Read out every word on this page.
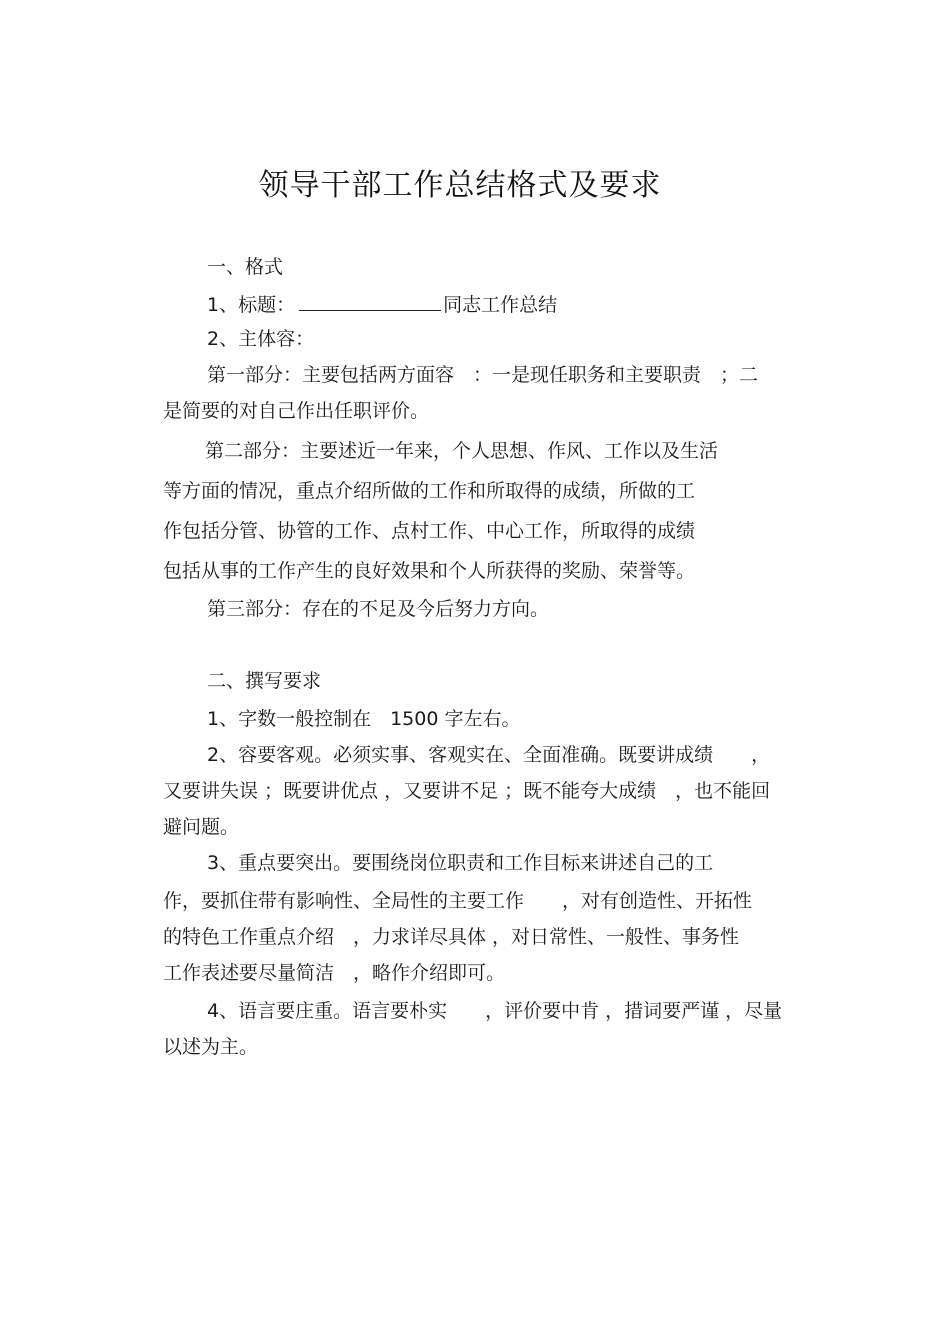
领导干部工作总结格式及要求
一、格式
1、标题：	同志工作总结
2、主体容：
第一部分：主要包括两方面容　：一是现任职务和主要职责　；二
是简要的对自己作出任职评价。
第二部分：主要述近一年来，个人思想、作风、工作以及生活
等方面的情况，重点介绍所做的工作和所取得的成绩，所做的工
作包括分管、协管的工作、点村工作、中心工作，所取得的成绩
包括从事的工作产生的良好效果和个人所获得的奖励、荣誉等。
第三部分：存在的不足及今后努力方向。
二、撰写要求
1、字数一般控制在　1500 字左右。
2、容要客观。必须实事、客观实在、全面准确。既要讲成绩　　，
又要讲失误 ；既要讲优点 ，又要讲不足 ；既不能夸大成绩　，也不能回
避问题。
3、重点要突出。要围绕岗位职责和工作目标来讲述自己的工
作，要抓住带有影响性、全局性的主要工作　　，对有创造性、开拓性
的特色工作重点介绍　，力求详尽具体 ，对日常性、一般性、事务性
工作表述要尽量简洁　，略作介绍即可。
4、语言要庄重。语言要朴实　　，评价要中肯 ，措词要严谨 ，尽量
以述为主。
